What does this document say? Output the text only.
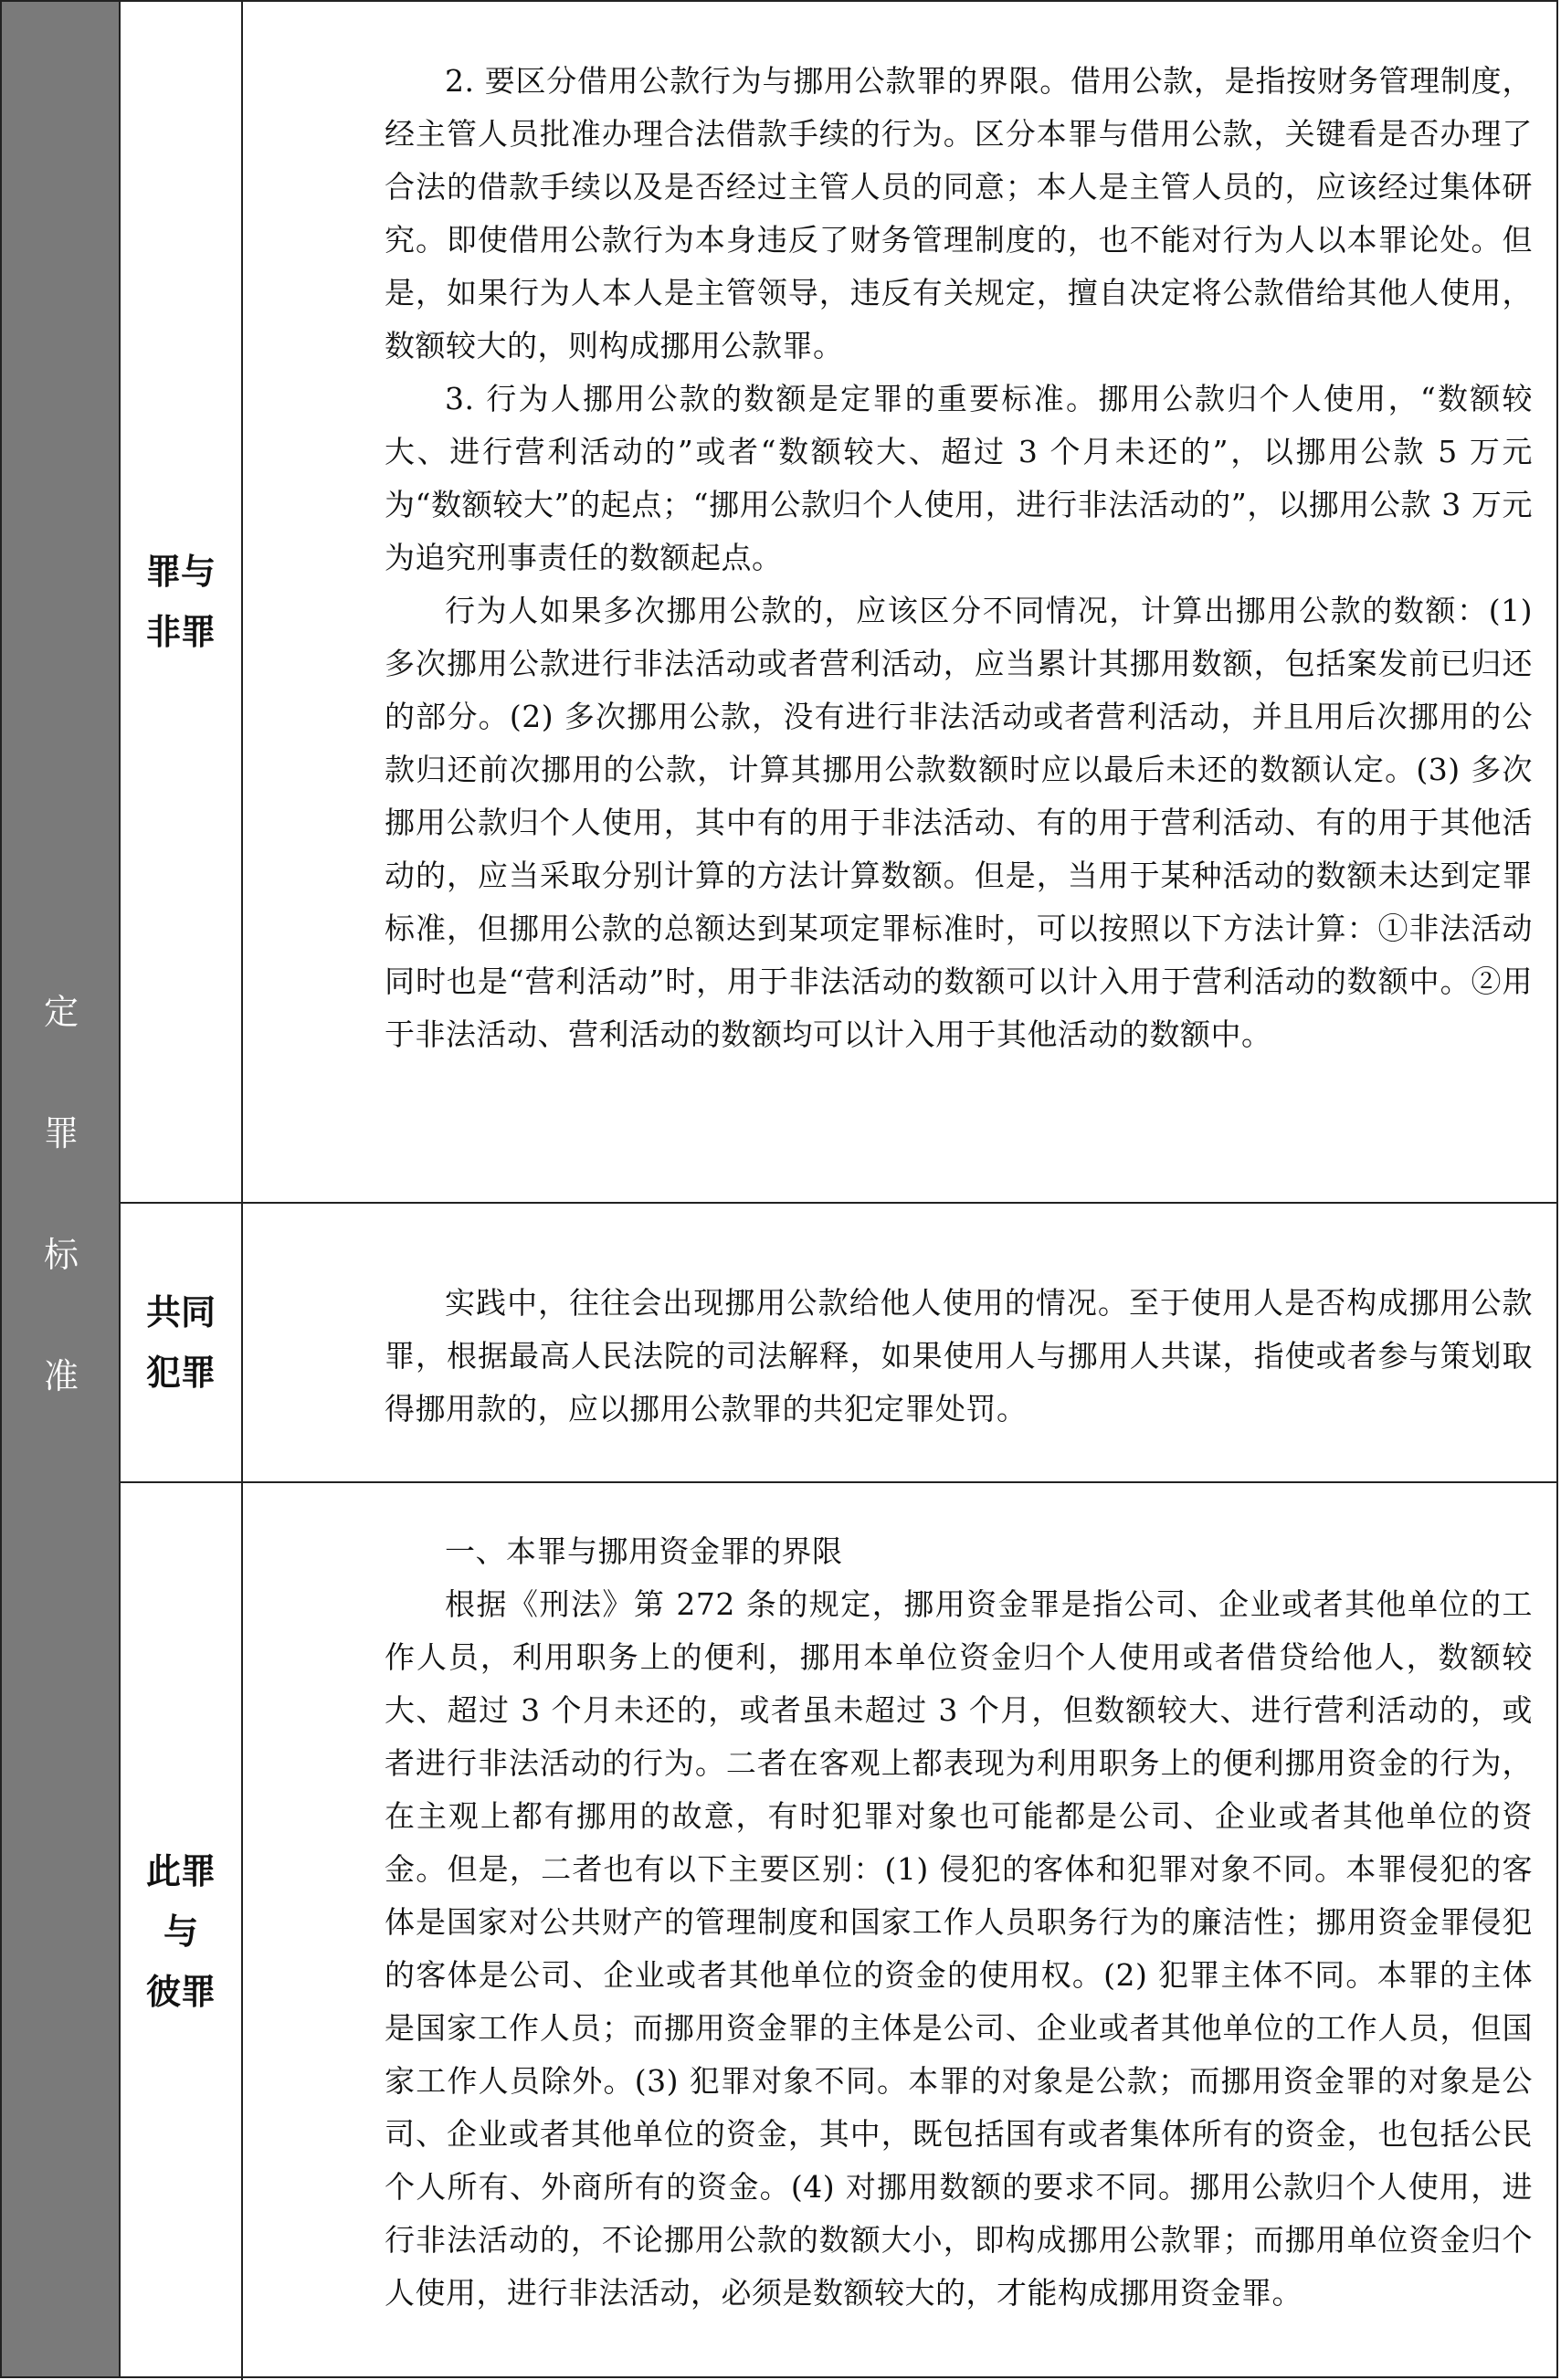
定
罪
标
准
罪与
非罪

2. 要区分借用公款行为与挪用公款罪的界限。借用公款，是指按财务管理制度，经主管人员批准办理合法借款手续的行为。区分本罪与借用公款，关键看是否办理了合法的借款手续以及是否经过主管人员的同意；本人是主管人员的，应该经过集体研究。即使借用公款行为本身违反了财务管理制度的，也不能对行为人以本罪论处。但是，如果行为人本人是主管领导，违反有关规定，擅自决定将公款借给其他人使用，数额较大的，则构成挪用公款罪。

3. 行为人挪用公款的数额是定罪的重要标准。挪用公款归个人使用，“数额较大、进行营利活动的”或者“数额较大、超过 3 个月未还的”，以挪用公款 5 万元为“数额较大”的起点；“挪用公款归个人使用，进行非法活动的”，以挪用公款 3 万元为追究刑事责任的数额起点。

行为人如果多次挪用公款的，应该区分不同情况，计算出挪用公款的数额：(1) 多次挪用公款进行非法活动或者营利活动，应当累计其挪用数额，包括案发前已归还的部分。(2) 多次挪用公款，没有进行非法活动或者营利活动，并且用后次挪用的公款归还前次挪用的公款，计算其挪用公款数额时应以最后未还的数额认定。(3) 多次挪用公款归个人使用，其中有的用于非法活动、有的用于营利活动、有的用于其他活动的，应当采取分别计算的方法计算数额。但是，当用于某种活动的数额未达到定罪标准，但挪用公款的总额达到某项定罪标准时，可以按照以下方法计算：①非法活动同时也是“营利活动”时，用于非法活动的数额可以计入用于营利活动的数额中。②用于非法活动、营利活动的数额均可以计入用于其他活动的数额中。

共同
犯罪

实践中，往往会出现挪用公款给他人使用的情况。至于使用人是否构成挪用公款罪，根据最高人民法院的司法解释，如果使用人与挪用人共谋，指使或者参与策划取得挪用款的，应以挪用公款罪的共犯定罪处罚。

此罪
与
彼罪

一、本罪与挪用资金罪的界限

根据《刑法》第 272 条的规定，挪用资金罪是指公司、企业或者其他单位的工作人员，利用职务上的便利，挪用本单位资金归个人使用或者借贷给他人，数额较大、超过 3 个月未还的，或者虽未超过 3 个月，但数额较大、进行营利活动的，或者进行非法活动的行为。二者在客观上都表现为利用职务上的便利挪用资金的行为，在主观上都有挪用的故意，有时犯罪对象也可能都是公司、企业或者其他单位的资金。但是，二者也有以下主要区别：(1) 侵犯的客体和犯罪对象不同。本罪侵犯的客体是国家对公共财产的管理制度和国家工作人员职务行为的廉洁性；挪用资金罪侵犯的客体是公司、企业或者其他单位的资金的使用权。(2) 犯罪主体不同。本罪的主体是国家工作人员；而挪用资金罪的主体是公司、企业或者其他单位的工作人员，但国家工作人员除外。(3) 犯罪对象不同。本罪的对象是公款；而挪用资金罪的对象是公司、企业或者其他单位的资金，其中，既包括国有或者集体所有的资金，也包括公民个人所有、外商所有的资金。(4) 对挪用数额的要求不同。挪用公款归个人使用，进行非法活动的，不论挪用公款的数额大小，即构成挪用公款罪；而挪用单位资金归个人使用，进行非法活动，必须是数额较大的，才能构成挪用资金罪。
